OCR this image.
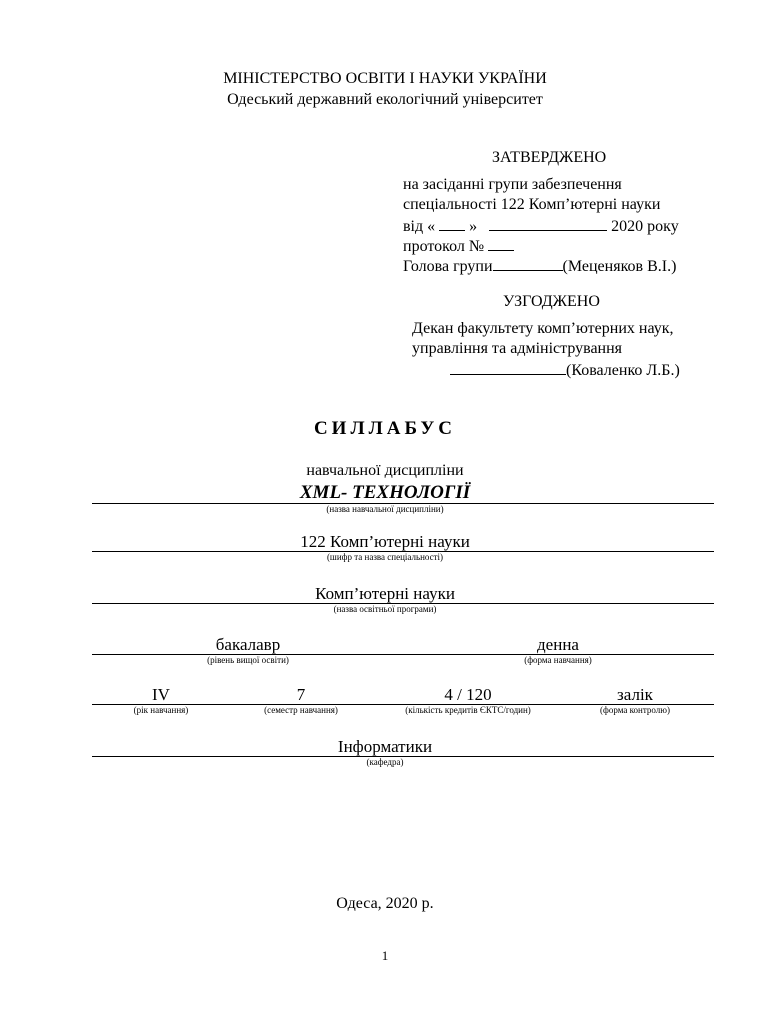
МІНІСТЕРСТВО ОСВІТИ І НАУКИ УКРАЇНИ
Одеський державний екологічний університет
ЗАТВЕРДЖЕНО
на засіданні групи забезпечення
спеціальності 122 Комп’ютерні науки
від « »	2020 року
протокол №
Голова групи	(Меценяков В.І.)
УЗГОДЖЕНО
Декан факультету комп’ютерних наук,
управління та адміністрування
(Коваленко Л.Б.)
СИЛЛАБУС
навчальної дисципліни
XML- ТЕХНОЛОГІЇ
(назва навчальної дисципліни)
122 Комп’ютерні науки
(шифр та назва спеціальності)
Комп’ютерні науки
(назва освітньої програми)
бакалавр	денна
(рівень вищої освіти)	(форма навчання)
IV	7	4 / 120	залік
(рік навчання)	(семестр навчання)	(кількість кредитів ЄКТС/годин)	(форма контролю)
Інформатики
(кафедра)
Одеса, 2020 р.
1
